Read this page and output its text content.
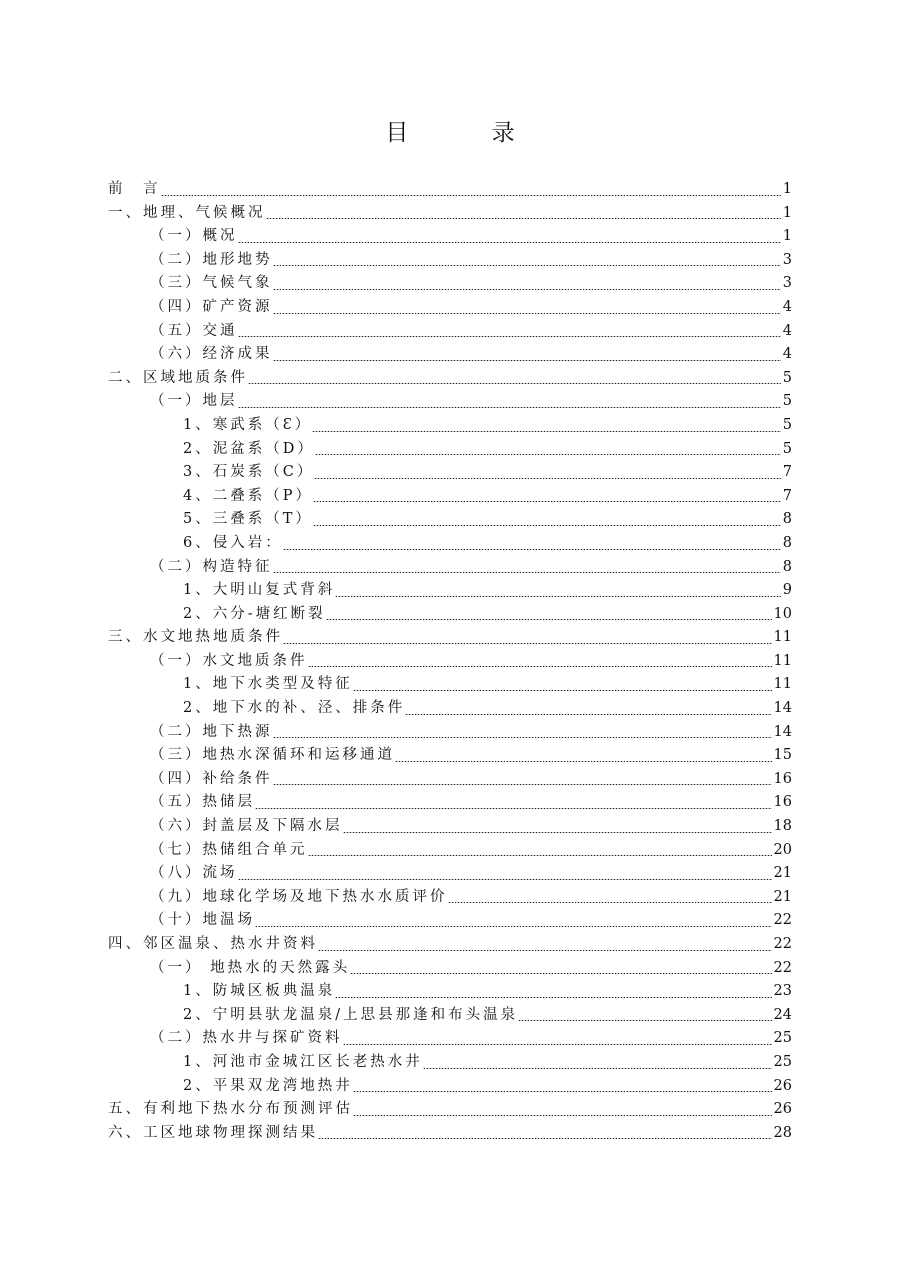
目 录
前　言	1
一、地理、气候概况	1
（一）概况	1
（二）地形地势	3
（三）气候气象	3
（四）矿产资源	4
（五）交通	4
（六）经济成果	4
二、区域地质条件	5
（一）地层	5
1、寒武系（Ɛ）	5
2、泥盆系（D）	5
3、石炭系（C）	7
4、二叠系（P）	7
5、三叠系（T）	8
6、侵入岩：	8
（二）构造特征	8
1、大明山复式背斜	9
2、六分-塘红断裂	10
三、水文地热地质条件	11
（一）水文地质条件	11
1、地下水类型及特征	11
2、地下水的补、泾、排条件	14
（二）地下热源	14
（三）地热水深循环和运移通道	15
（四）补给条件	16
（五）热储层	16
（六）封盖层及下隔水层	18
（七）热储组合单元	20
（八）流场	21
（九）地球化学场及地下热水水质评价	21
（十）地温场	22
四、邻区温泉、热水井资料	22
（一） 地热水的天然露头	22
1、防城区板典温泉	23
2、宁明县驮龙温泉/上思县那逢和布头温泉	24
（二）热水井与探矿资料	25
1、河池市金城江区长老热水井	25
2、平果双龙湾地热井	26
五、有利地下热水分布预测评估	26
六、工区地球物理探测结果	28
